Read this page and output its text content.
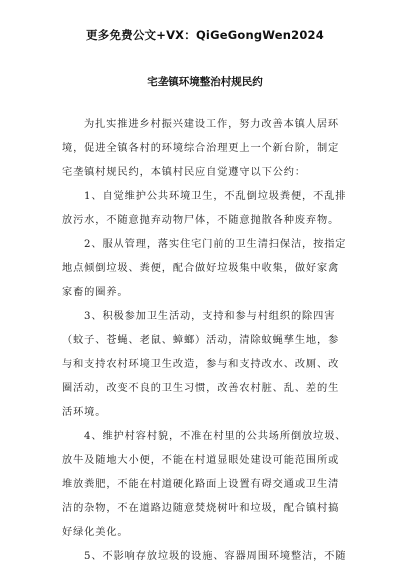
更多免费公文+VX：QiGeGongWen2024
宅垄镇环境整治村规民约
为扎实推进乡村振兴建设工作，努力改善本镇人居环
境，促进全镇各村的环境综合治理更上一个新台阶，制定
宅垄镇村规民约，本镇村民应自觉遵守以下公约：
1、自觉维护公共环境卫生，不乱倒垃圾粪便，不乱排
放污水，不随意抛弃动物尸体，不随意抛散各种废弃物。
2、服从管理，落实住宅门前的卫生清扫保洁，按指定
地点倾倒垃圾、粪便，配合做好垃圾集中收集，做好家禽
家畜的圈养。
3、积极参加卫生活动，支持和参与村组织的除四害
（蚊子、苍蝇、老鼠、蟑螂）活动，清除蚊蝇孳生地，参
与和支持农村环境卫生改造，参与和支持改水、改厕、改
圈活动，改变不良的卫生习惯，改善农村脏、乱、差的生
活环境。
4、维护村容村貌，不准在村里的公共场所倒放垃圾、
放牛及随地大小便，不能在村道显眼处建设可能范围所或
堆放粪肥，不能在村道硬化路面上设置有碍交通或卫生清
洁的杂物，不在道路边随意焚烧树叶和垃圾，配合镇村搞
好绿化美化。
5、不影响存放垃圾的设施、容器周围环境整洁，不随
